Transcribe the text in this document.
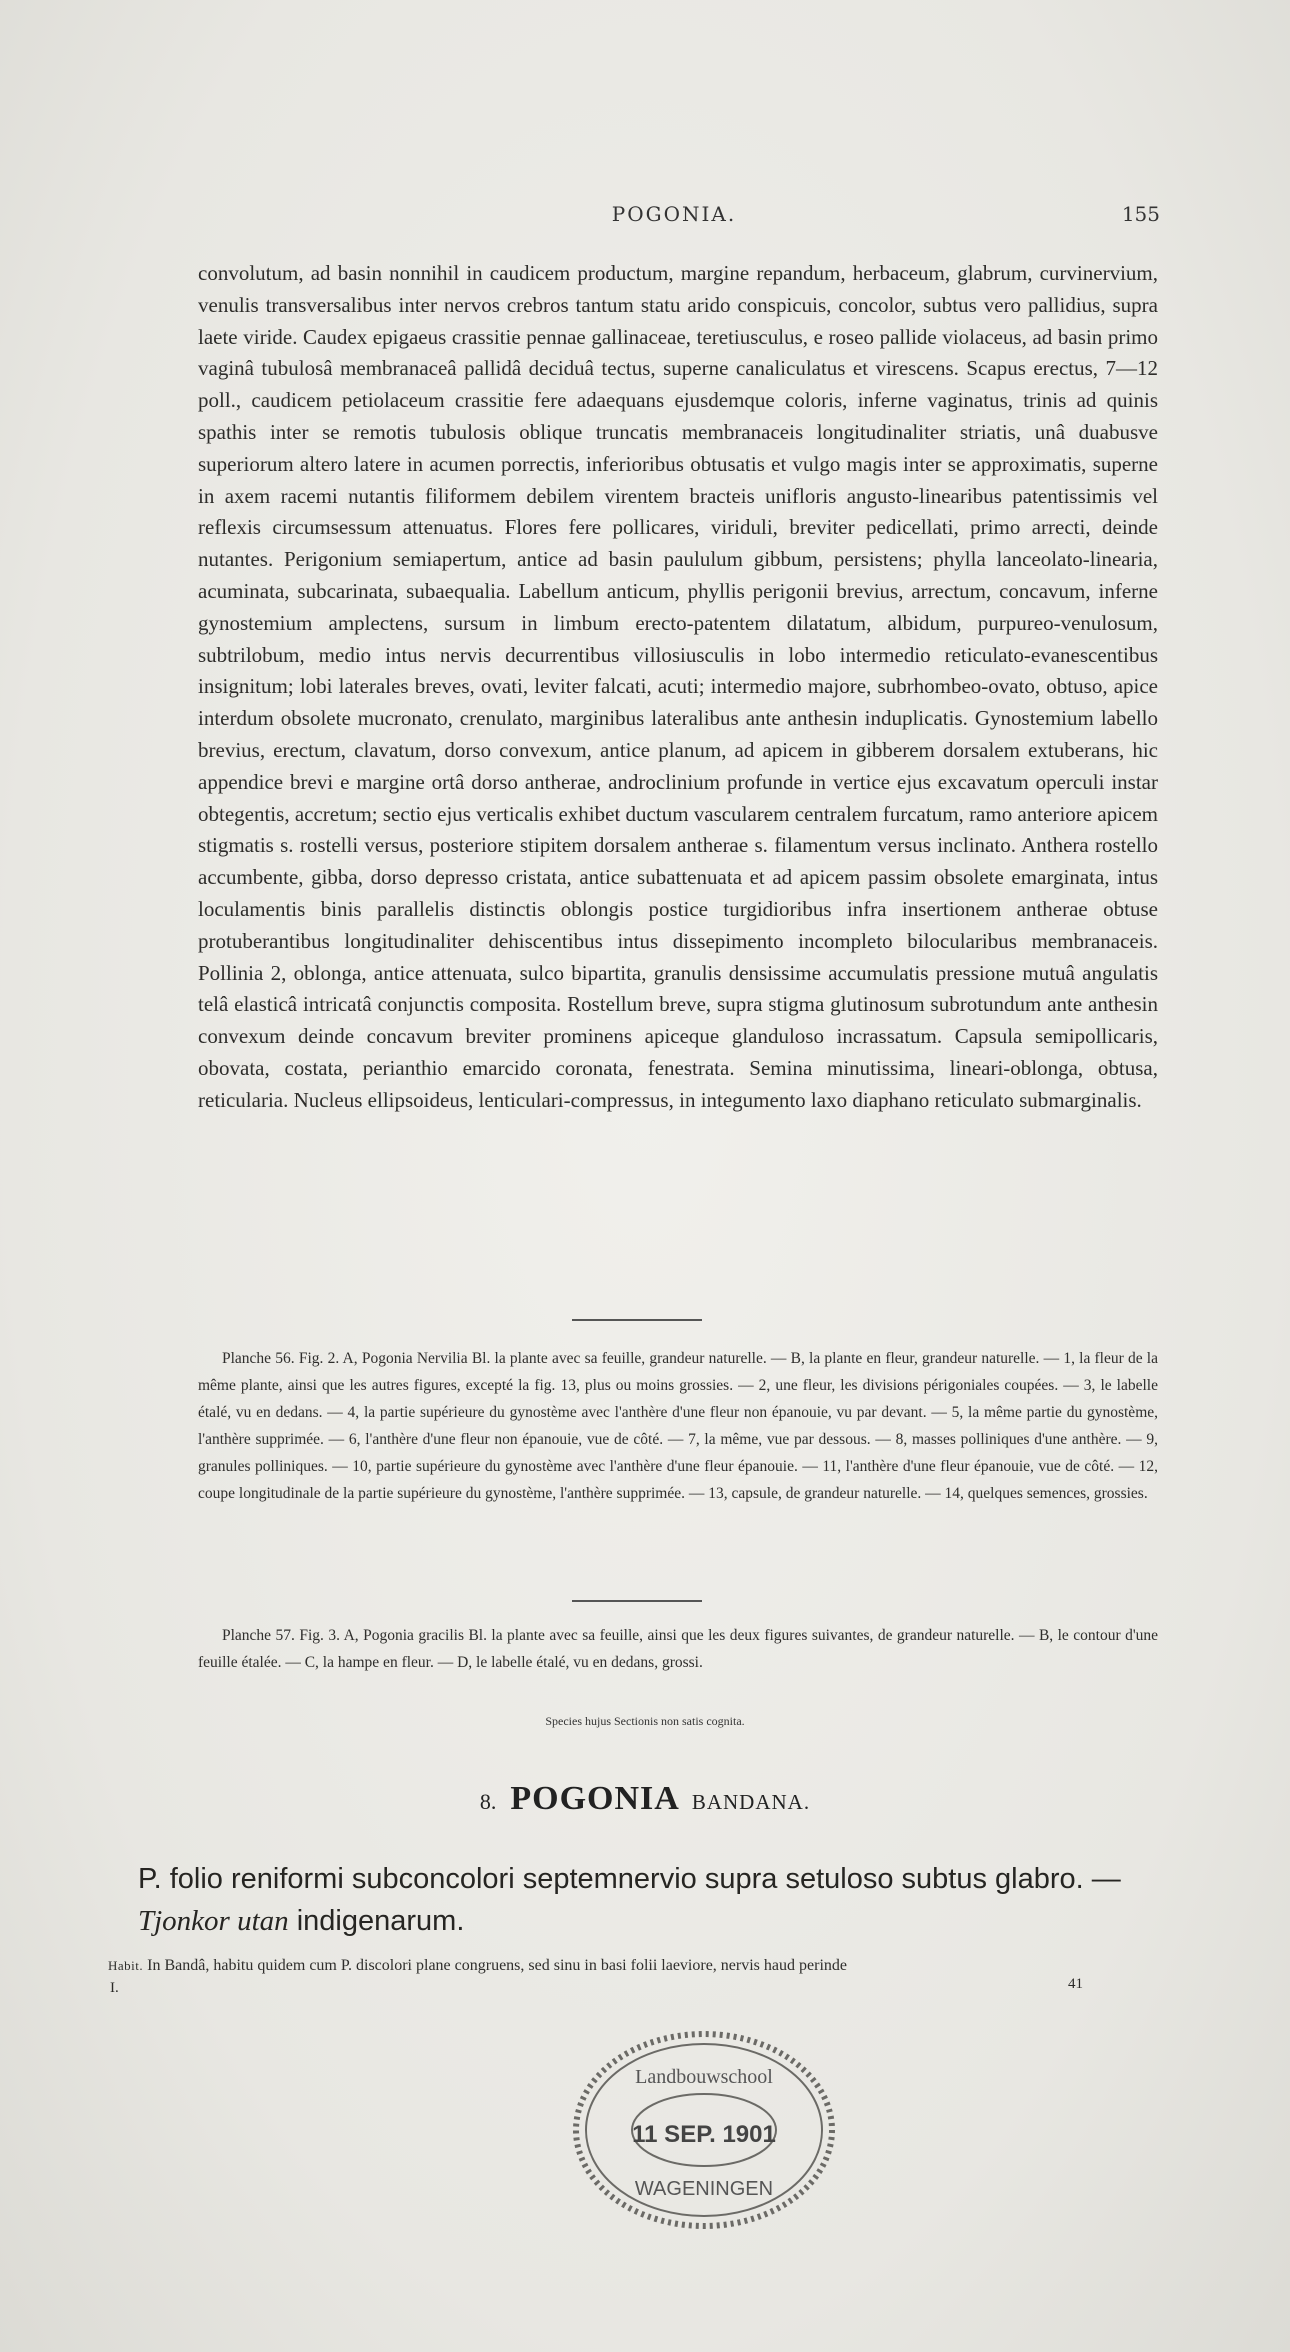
POGONIA.	155

convolutum, ad basin nonnihil in caudicem productum, margine repandum, herbaceum, glabrum, curvinervium, venulis transversalibus inter nervos crebros tantum statu arido conspicuis, concolor, subtus vero pallidius, supra laete viride. Caudex epigaeus crassitie pennae gallinaceae, teretiusculus, e roseo pallide violaceus, ad basin primo vaginâ tubulosâ membranaceâ pallidâ deciduâ tectus, superne canaliculatus et virescens. Scapus erectus, 7—12 poll., caudicem petiolaceum crassitie fere adaequans ejusdemque coloris, inferne vaginatus, trinis ad quinis spathis inter se remotis tubulosis oblique truncatis membranaceis longitudinaliter striatis, unâ duabusve superiorum altero latere in acumen porrectis, inferioribus obtusatis et vulgo magis inter se approximatis, superne in axem racemi nutantis filiformem debilem virentem bracteis unifloris angusto-linearibus patentissimis vel reflexis circumsessum attenuatus. Flores fere pollicares, viriduli, breviter pedicellati, primo arrecti, deinde nutantes. Perigonium semiapertum, antice ad basin paululum gibbum, persistens; phylla lanceolato-linearia, acuminata, subcarinata, subaequalia. Labellum anticum, phyllis perigonii brevius, arrectum, concavum, inferne gynostemium amplectens, sursum in limbum erecto-patentem dilatatum, albidum, purpureo-venulosum, subtrilobum, medio intus nervis decurrentibus villosiusculis in lobo intermedio reticulato-evanescentibus insignitum; lobi laterales breves, ovati, leviter falcati, acuti; intermedio majore, subrhombeo-ovato, obtuso, apice interdum obsolete mucronato, crenulato, marginibus lateralibus ante anthesin induplicatis. Gynostemium labello brevius, erectum, clavatum, dorso convexum, antice planum, ad apicem in gibberem dorsalem extuberans, hic appendice brevi e margine ortâ dorso antherae, androclinium profunde in vertice ejus excavatum operculi instar obtegentis, accretum; sectio ejus verticalis exhibet ductum vascularem centralem furcatum, ramo anteriore apicem stigmatis s. rostelli versus, posteriore stipitem dorsalem antherae s. filamentum versus inclinato. Anthera rostello accumbente, gibba, dorso depresso cristata, antice subattenuata et ad apicem passim obsolete emarginata, intus loculamentis binis parallelis distinctis oblongis postice turgidioribus infra insertionem antherae obtuse protuberantibus longitudinaliter dehiscentibus intus dissepimento incompleto bilocularibus membranaceis. Pollinia 2, oblonga, antice attenuata, sulco bipartita, granulis densissime accumulatis pressione mutuâ angulatis telâ elasticâ intricatâ conjunctis composita. Rostellum breve, supra stigma glutinosum subrotundum ante anthesin convexum deinde concavum breviter prominens apiceque glanduloso incrassatum. Capsula semipollicaris, obovata, costata, perianthio emarcido coronata, fenestrata. Semina minutissima, lineari-oblonga, obtusa, reticularia. Nucleus ellipsoideus, lenticulari-compressus, in integumento laxo diaphano reticulato submarginalis.

Planche 56. Fig. 2. A, Pogonia Nervilia Bl. la plante avec sa feuille, grandeur naturelle. — B, la plante en fleur, grandeur naturelle. — 1, la fleur de la même plante, ainsi que les autres figures, excepté la fig. 13, plus ou moins grossies. — 2, une fleur, les divisions périgoniales coupées. — 3, le labelle étalé, vu en dedans. — 4, la partie supérieure du gynostème avec l'anthère d'une fleur non épanouie, vu par devant. — 5, la même partie du gynostème, l'anthère supprimée. — 6, l'anthère d'une fleur non épanouie, vue de côté. — 7, la même, vue par dessous. — 8, masses polliniques d'une anthère. — 9, granules polliniques. — 10, partie supérieure du gynostème avec l'anthère d'une fleur épanouie. — 11, l'anthère d'une fleur épanouie, vue de côté. — 12, coupe longitudinale de la partie supérieure du gynostème, l'anthère supprimée. — 13, capsule, de grandeur naturelle. — 14, quelques semences, grossies.

Planche 57. Fig. 3. A, Pogonia gracilis Bl. la plante avec sa feuille, ainsi que les deux figures suivantes, de grandeur naturelle. — B, le contour d'une feuille étalée. — C, la hampe en fleur. — D, le labelle étalé, vu en dedans, grossi.

Species hujus Sectionis non satis cognita.
8. POGONIA BANDANA.
P. folio reniformi subconcolori septemnervio supra setuloso subtus glabro. — Tjonkor utan indigenarum.
Habit. In Bandâ, habitu quidem cum P. discolori plane congruens, sed sinu in basi folii laeviore, nervis haud perinde
I.	41
Landbouwschool
11 SEP. 1901
WAGENINGEN
